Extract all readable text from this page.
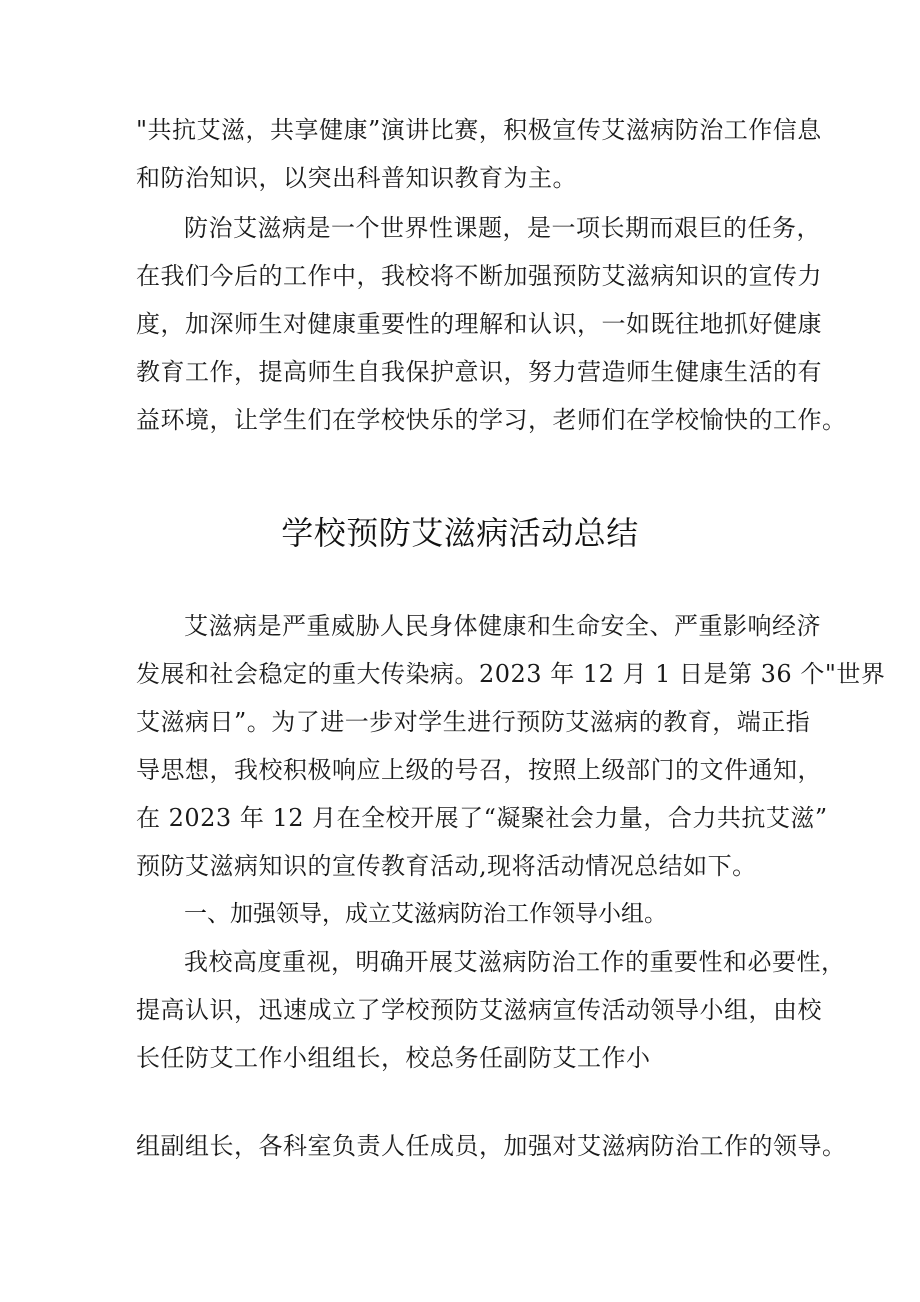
"共抗艾滋，共享健康”演讲比赛，积极宣传艾滋病防治工作信息
和防治知识，以突出科普知识教育为主。
防治艾滋病是一个世界性课题，是一项长期而艰巨的任务，
在我们今后的工作中，我校将不断加强预防艾滋病知识的宣传力
度，加深师生对健康重要性的理解和认识，一如既往地抓好健康
教育工作，提高师生自我保护意识，努力营造师生健康生活的有
益环境，让学生们在学校快乐的学习，老师们在学校愉快的工作。
学校预防艾滋病活动总结
艾滋病是严重威胁人民身体健康和生命安全、严重影响经济
发展和社会稳定的重大传染病。2023 年 12 月 1 日是第 36 个"世界
艾滋病日”。为了进一步对学生进行预防艾滋病的教育，端正指
导思想，我校积极响应上级的号召，按照上级部门的文件通知，
在 2023 年 12 月在全校开展了“凝聚社会力量，合力共抗艾滋”
预防艾滋病知识的宣传教育活动,现将活动情况总结如下。
一、加强领导，成立艾滋病防治工作领导小组。
我校高度重视，明确开展艾滋病防治工作的重要性和必要性，
提高认识，迅速成立了学校预防艾滋病宣传活动领导小组，由校
长任防艾工作小组组长，校总务任副防艾工作小
组副组长，各科室负责人任成员，加强对艾滋病防治工作的领导。
